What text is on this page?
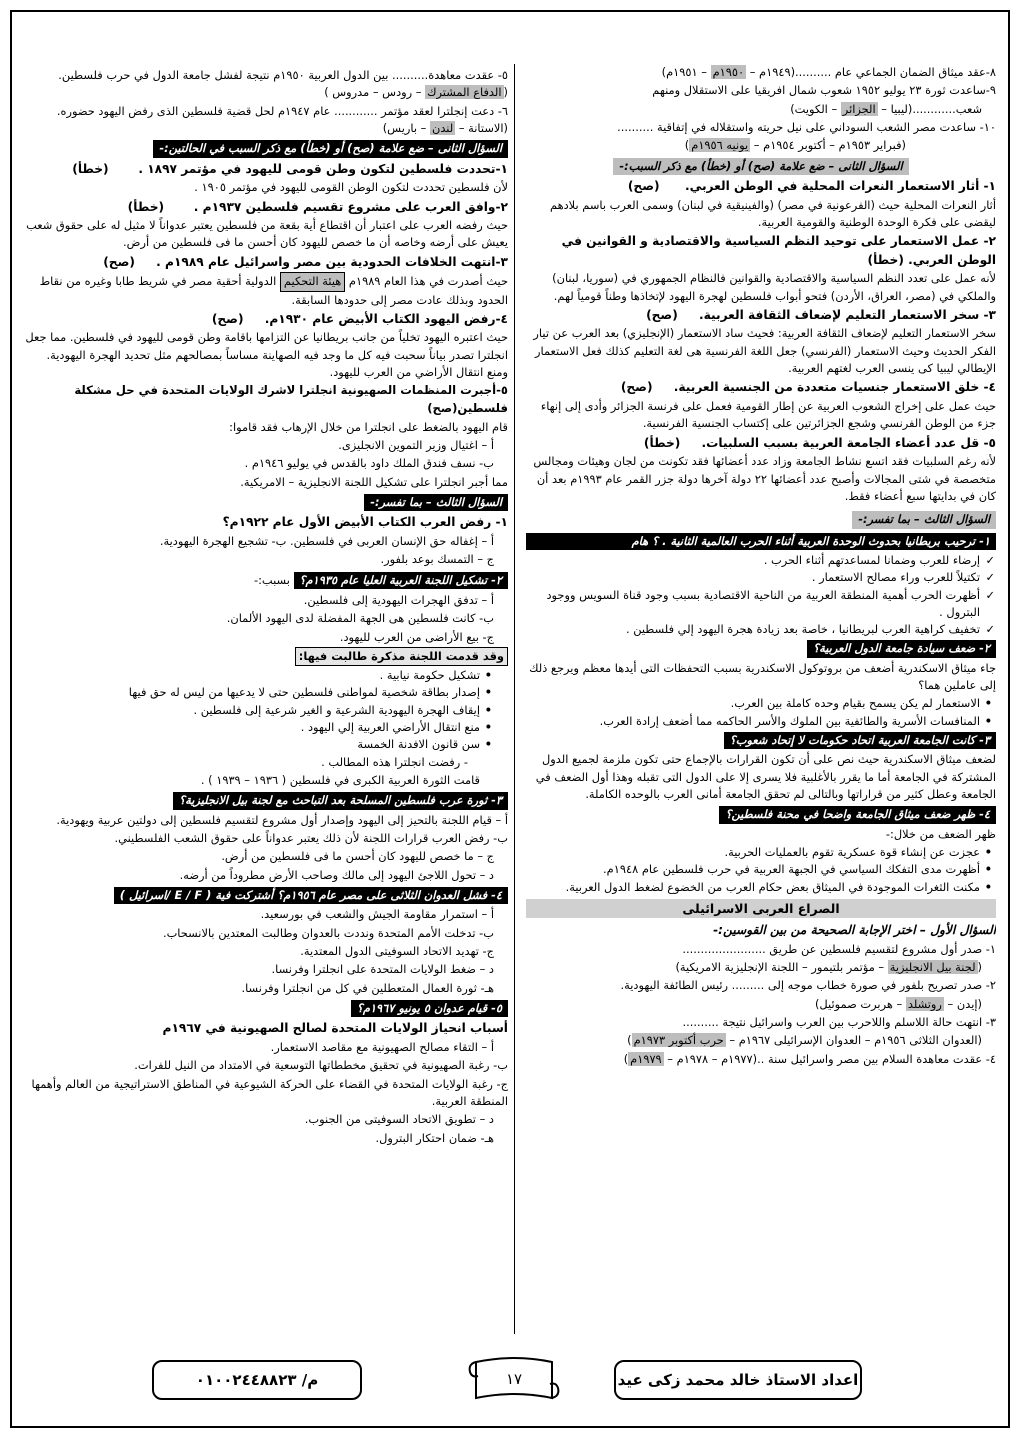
٨-عقد ميثاق الضمان الجماعي عام ..........(١٩٤٩م – ١٩٥٠م – ١٩٥١م)

٩-ساعدت ثورة ٢٣ يوليو ١٩٥٢ شعوب شمال افريقيا على الاستقلال ومنهم

شعب............(ليبيا – الجزائر – الكويت)

١٠- ساعدت مصر الشعب السوداني على نيل حريته واستقلاله في إتفاقية ..........

(فبراير ١٩٥٣م – أكتوبر ١٩٥٤م – يونيه ١٩٥٦م)

السؤال الثانى – ضع علامة (صح) أو (خطأ) مع ذكر السبب:-

١- أثار الاستعمار النعرات المحلية في الوطن العربي.      (صح)

أثار النعرات المحلية حيث (الفرعونية في مصر) (والفينيقية في لبنان) وسمى العرب باسم بلادهم ليقضى على فكرة الوحدة الوطنية والقومية العربية.

٢- عمل الاستعمار على توحيد النظم السياسية والاقتصادية و القوانين في الوطن العربي. (خطأ)

لأنه عمل على تعدد النظم السياسية والاقتصادية والقوانين فالنظام الجمهوري في (سوريا، لبنان) والملكي في (مصر، العراق، الأردن) فتحو أبواب فلسطين لهجرة اليهود لإتخاذها وطناً قومياً لهم.

٣- سخر الاستعمار التعليم لإضعاف الثقافة العربية.     (صح)

سخر الاستعمار التعليم لإضعاف الثقافة العربية: فحيث ساد الاستعمار (الإنجليزي) بعد العرب عن تيار الفكر الحديث وحيث الاستعمار (الفرنسي) جعل اللغة الفرنسية هى لغة التعليم كذلك فعل الاستعمار الإيطالي ليبيا كى ينسى العرب لغتهم العربية.

٤- خلق الاستعمار جنسيات متعددة من الجنسية العربية.     (صح)

حيث عمل على إخراج الشعوب العربية عن إطار القومية فعمل على فرنسة الجزائر وأدى إلى إنهاء جزء من الوطن الفرنسي وشجع الجزائرتين على إكتساب الجنسية الفرنسية.

٥- قل عدد أعضاء الجامعة العربية بسبب السلبيات.     (خطأ)

لأنه رغم السلبيات فقد اتسع نشاط الجامعة وزاد عدد أعضائها فقد تكونت من لجان وهيئات ومجالس متخصصة في شتى المجالات وأصبح عدد أعضائها ٢٢ دولة آخرها دولة جزر القمر عام ١٩٩٣م بعد أن كان في بدايتها سبع أعضاء فقط.

السؤال الثالث – بما تفسر:-
١- ترحيب بريطانيا بحدوث الوحدة العربية أثناء الحرب العالمية الثانية . ؟ هام
✓ إرضاء للعرب وضمانا لمساعدتهم أثناء الحرب .
✓ تكتيلاً للعرب وراء مصالح الاستعمار .
✓ أظهرت الحرب أهمية المنطقة العربية من الناحية الاقتصادية بسبب وجود قناة السويس ووجود البترول .
✓ تخفيف كراهية العرب لبريطانيا ، خاصة بعد زيادة هجرة اليهود إلي فلسطين .
٢- ضعف سيادة جامعة الدول العربية؟

جاء ميثاق الاسكندرية أضعف من بروتوكول الاسكندرية بسبب التحفظات التى أيدها معظم ويرجع ذلك إلى عاملين هما؟

• الاستعمار لم يكن يسمح بقيام وحده كاملة بين العرب.
• المنافسات الأسرية والطائفية بين الملوك والأسر الحاكمه مما أضعف إرادة العرب.
٣- كانت الجامعة العربية اتحاد حكومات لا إتحاد شعوب؟

لضعف ميثاق الاسكندرية حيث نص على أن تكون القرارات بالإجماع حتى تكون ملزمة لجميع الدول المشتركة في الجامعة أما ما يقرر بالأغلبية فلا يسرى إلا على الدول التى تقبله وهذا أول الضعف في الجامعة وعطل كثير من قراراتها وبالتالى لم تحقق الجامعة أمانى العرب بالوحده الكاملة.

٤- ظهر ضعف ميثاق الجامعة واضحا في محنة فلسطين؟

ظهر الضعف من خلال:-

• عجزت عن إنشاء قوة عسكرية تقوم بالعمليات الحربية.
• أظهرت مدى التفكك السياسي في الجبهة العربية في حرب فلسطين عام ١٩٤٨م.
• مكنت الثغرات الموجودة في الميثاق بعض حكام العرب من الخضوع لضغط الدول العربية.
الصراع العربى الاسرائيلى

السؤال الأول – اختر الإجابة الصحيحة من بين القوسين:-

١- صدر أول مشروع لتقسيم فلسطين عن طريق .......................

(لجنة بيل الانجليزية – مؤتمر بلتيمور – اللجنة الإنجليزية الامريكية)

٢- صدر تصريح بلفور في صورة خطاب موجه إلى ......... رئيس الطائفة اليهودية.

(إيدن – روتشلد – هربرت صموئيل)

٣- انتهت حالة اللاسلم واللاحرب بين العرب واسرائيل نتيجة ..........

(العدوان الثلاثى ١٩٥٦م – العدوان الإسرائيلى ١٩٦٧م – حرب أكتوبر ١٩٧٣م)

٤- عقدت معاهدة السلام بين مصر واسرائيل سنة ..(١٩٧٧م – ١٩٧٨م – ١٩٧٩م)

٥- عقدت معاهدة.......... بين الدول العربية ١٩٥٠م نتيجة لفشل جامعة الدول في حرب فلسطين.(الدفاع المشترك – رودس – مدروس )

٦- دعت إنجلترا لعقد مؤتمر ............ عام ١٩٤٧م لحل قضية فلسطين الذى رفض اليهود حضوره. (الاستانة – لندن – باريس)

السؤال الثانى – ضع علامة (صح) أو (خطأ) مع ذكر السبب في الحالتين:-

١-تحددت فلسطين لتكون وطن قومى لليهود في مؤتمر ١٨٩٧ .       (خطأ)

لأن فلسطين تحددت لتكون الوطن القومى لليهود في مؤتمر ١٩٠٥ .

٢-وافق العرب على مشروع تقسيم فلسطين ١٩٣٧م .       (خطأ)

حيث رفضه العرب على اعتبار أن اقتطاع أية بقعة من فلسطين يعتبر عدواناً لا مثيل له على حقوق شعب يعيش على أرضه وخاصه أن ما خصص لليهود كان أحسن ما فى فلسطين من أرض.

٣-انتهت الخلافات الحدودية بين مصر واسرائيل عام ١٩٨٩م .     (صح)

حيث أصدرت في هذا العام ١٩٨٩م هيئة التحكيم الدولية أحقية مصر في شريط طابا وغيره من نقاط الحدود وبذلك عادت مصر إلى حدودها السابقة.

٤-رفض اليهود الكتاب الأبيض عام ١٩٣٠م.     (صح)

حيث اعتبره اليهود تخلياً من جانب بريطانيا عن التزامها باقامة وطن قومى لليهود في فلسطين. مما جعل انجلترا تصدر بياناً سحبت فيه كل ما وجد فيه الصهاينة مساساً بمصالحهم مثل تحديد الهجرة اليهودية. ومنع انتقال الأراضي من العرب لليهود.

٥-أجبرت المنظمات الصهيونية انجلترا لاشرك الولايات المتحدة في حل مشكلة فلسطين(صح)

قام اليهود بالضغط على انجلترا من خلال الإرهاب فقد قاموا:

أ – اغتيال وزير التموين الانجليزى.

ب- نسف فندق الملك داود بالقدس في يوليو ١٩٤٦م .

مما أجبر انجلترا على تشكيل اللجنة الانجليزية – الامريكية.

السؤال الثالث – بما تفسر:-

١- رفض العرب الكتاب الأبيض الأول عام ١٩٢٢م؟

أ – إغفاله حق الإنسان العربى في فلسطين. ب- تشجيع الهجرة اليهودية.

ج – التمسك بوعد بلفور.

٢- تشكيل اللجنة العربية العليا عام ١٩٣٥م؟ بسبب:-

أ – تدفق الهجرات اليهودية إلى فلسطين.

ب- كانت فلسطين هى الجهة المفضلة لدى اليهود الألمان.

ج- بيع الأراضى من العرب لليهود.

وقد قدمت اللجنة مذكرة طالبت فيها:

• تشكيل حكومة نيابية .
• إصدار بطاقة شخصية لمواطنى فلسطين حتى لا يدعيها من ليس له حق فيها
• إيقاف الهجرة اليهودية الشرعية و الغير شرعية إلى فلسطين .
• منع انتقال الأراضي العربية إلي اليهود .
• سن قانون الافدنة الخمسة

- رفضت انجلترا هذه المطالب .

قامت الثورة العربية الكبرى في فلسطين ( ١٩٣٦ – ١٩٣٩ ) .

٣- ثورة عرب فلسطين المسلحة بعد التباحث مع لجنة بيل الانجليزية؟

أ – قيام اللجنة بالتحيز إلى اليهود وإصدار أول مشروع لتقسيم فلسطين إلى دولتين عربية ويهودية.

ب- رفض العرب قرارات اللجنة لأن ذلك يعتبر عدواناً على حقوق الشعب الفلسطيني.

ج – ما خصص لليهود كان أحسن ما فى فلسطين من أرض.

د – تحول اللاجئ اليهود إلى مالك وصاحب الأرض مطروداً من أرضه.

٤- فشل العدوان الثلاثى على مصر عام ١٩٥٦م؟ أشتركت فية ( E / F /اسرائيل )

أ – استمرار مقاومة الجيش والشعب في بورسعيد.

ب- تدخلت الأمم المتحدة ونددت بالعدوان وطالبت المعتدين بالانسحاب.

ج- تهديد الاتحاد السوفيتى الدول المعتدية.

د – ضغط الولايات المتحدة على انجلترا وفرنسا.

هـ- ثورة العمال المتعطلين في كل من انجلترا وفرنسا.

٥- قيام عدوان ٥ يونيو ١٩٦٧م؟

أسباب انحياز الولايات المتحدة لصالح الصهيونية في ١٩٦٧م

أ – التقاء مصالح الصهيونية مع مقاصد الاستعمار.

ب- رغبة الصهيونية في تحقيق مخططاتها التوسعية في الامتداد من النيل للفرات.

ج- رغبة الولايات المتحدة في القضاء على الحركة الشيوعية في المناطق الاستراتيجية من العالم وأهمها المنطقة العربية.

د – تطويق الاتحاد السوفيتى من الجنوب.

هـ- ضمان احتكار البترول.

اعداد الاستاذ خالد محمد زكى عيد
١٧
م/ ٠١٠٠٢٤٤٨٨٢٣
